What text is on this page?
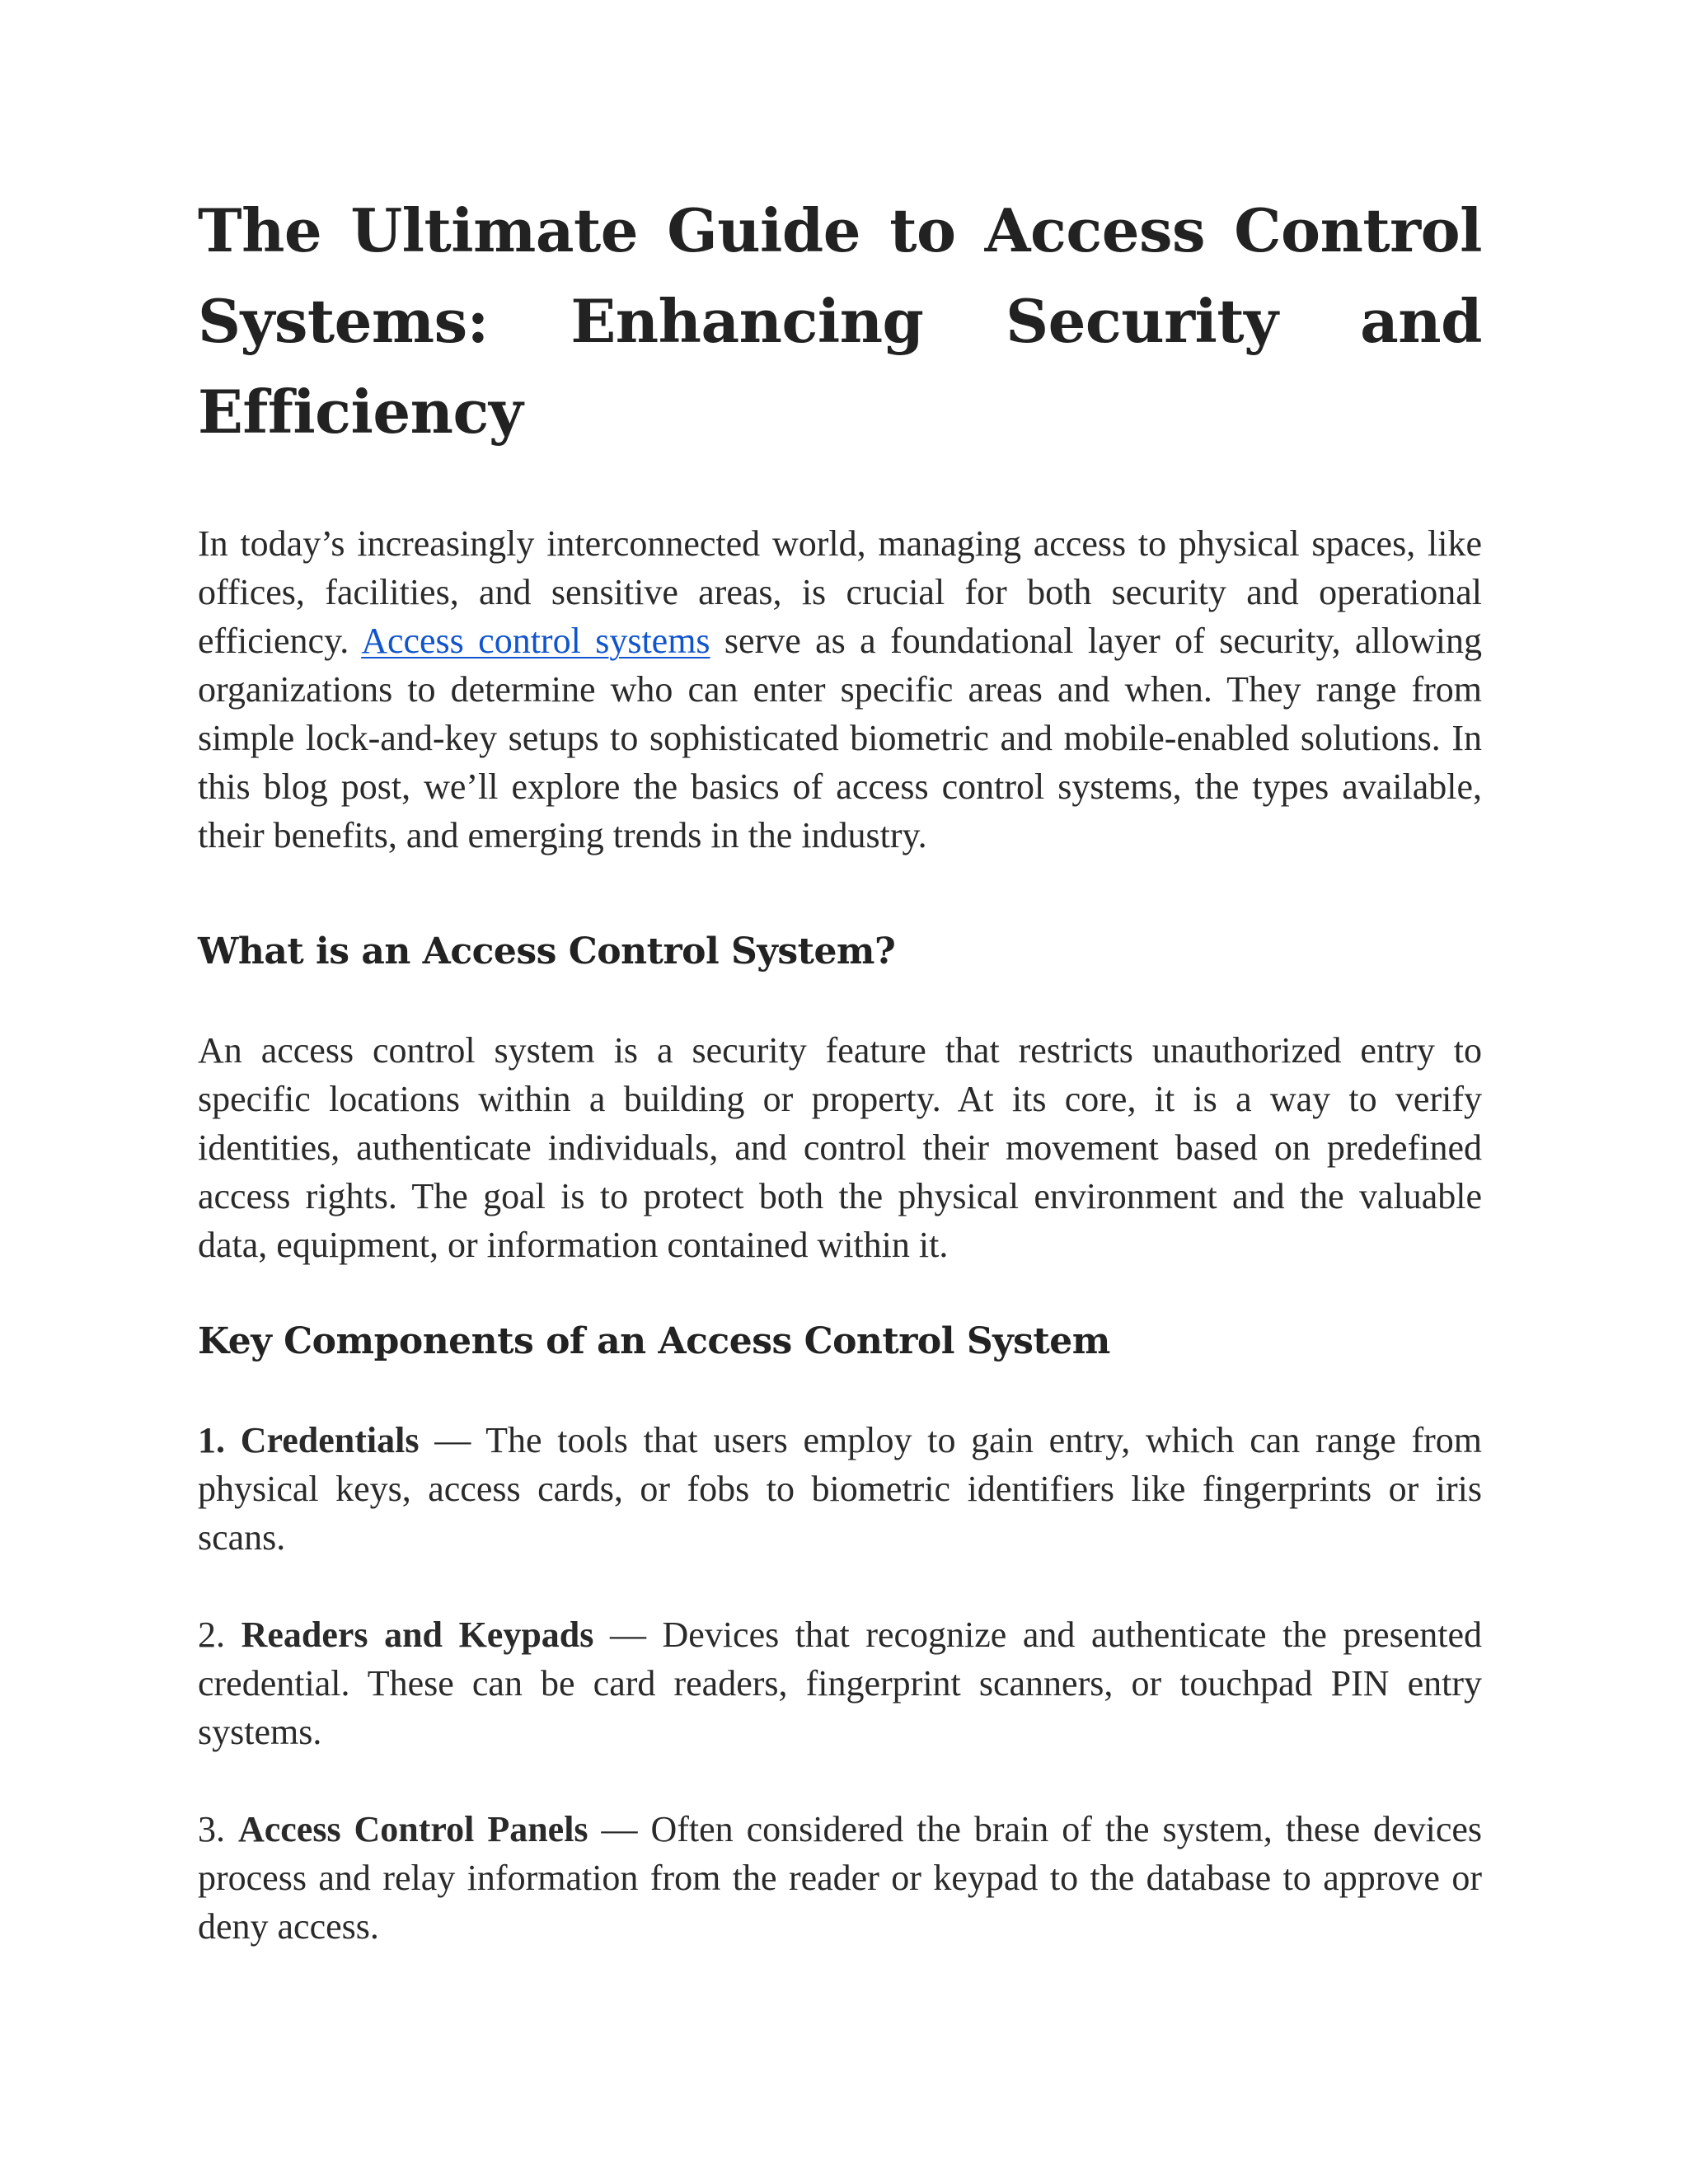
The Ultimate Guide to Access Control Systems: Enhancing Security and Efficiency

In today’s increasingly interconnected world, managing access to physical spaces, like offices, facilities, and sensitive areas, is crucial for both security and operational efficiency. Access control systems serve as a foundational layer of security, allowing organizations to determine who can enter specific areas and when. They range from simple lock-and-key setups to sophisticated biometric and mobile-enabled solutions. In this blog post, we’ll explore the basics of access control systems, the types available, their benefits, and emerging trends in the industry.

What is an Access Control System?

An access control system is a security feature that restricts unauthorized entry to specific locations within a building or property. At its core, it is a way to verify identities, authenticate individuals, and control their movement based on predefined access rights. The goal is to protect both the physical environment and the valuable data, equipment, or information contained within it.

Key Components of an Access Control System

1. Credentials — The tools that users employ to gain entry, which can range from physical keys, access cards, or fobs to biometric identifiers like fingerprints or iris scans.

2. Readers and Keypads — Devices that recognize and authenticate the presented credential. These can be card readers, fingerprint scanners, or touchpad PIN entry systems.

3. Access Control Panels — Often considered the brain of the system, these devices process and relay information from the reader or keypad to the database to approve or deny access.
